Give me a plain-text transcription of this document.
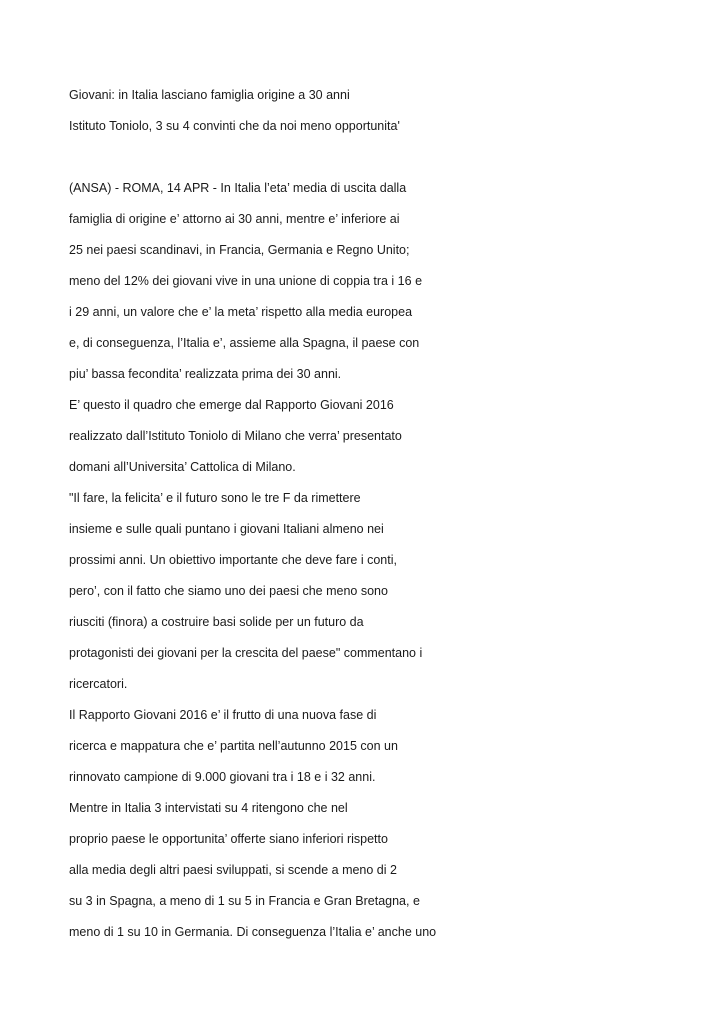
Giovani: in Italia lasciano famiglia origine a 30 anni

Istituto Toniolo, 3 su 4 convinti che da noi meno opportunita'

(ANSA) - ROMA, 14 APR - In Italia l’eta’ media di uscita dalla

famiglia di origine e’ attorno ai 30 anni, mentre e’ inferiore ai

25 nei paesi scandinavi, in Francia, Germania e Regno Unito;

meno del 12% dei giovani vive in una unione di coppia tra i 16 e

i 29 anni, un valore che e’ la meta’ rispetto alla media europea

e, di conseguenza, l’Italia e’, assieme alla Spagna, il paese con

piu’ bassa fecondita’ realizzata prima dei 30 anni.

E’ questo il quadro che emerge dal Rapporto Giovani 2016

realizzato dall’Istituto Toniolo di Milano che verra’ presentato

domani all’Universita’ Cattolica di Milano.

"Il fare, la felicita’ e il futuro sono le tre F da rimettere

insieme e sulle quali puntano i giovani Italiani almeno nei

prossimi anni. Un obiettivo importante che deve fare i conti,

pero’, con il fatto che siamo uno dei paesi che meno sono

riusciti (finora) a costruire basi solide per un futuro da

protagonisti dei giovani per la crescita del paese" commentano i

ricercatori.

Il Rapporto Giovani 2016 e’ il frutto di una nuova fase di

ricerca e mappatura che e’ partita nell’autunno 2015 con un

rinnovato campione di 9.000 giovani tra i 18 e i 32 anni.

Mentre in Italia 3 intervistati su 4 ritengono che nel

proprio paese le opportunita’ offerte siano inferiori rispetto

alla media degli altri paesi sviluppati, si scende a meno di 2

su 3 in Spagna, a meno di 1 su 5 in Francia e Gran Bretagna, e

meno di 1 su 10 in Germania. Di conseguenza l’Italia e’ anche uno
